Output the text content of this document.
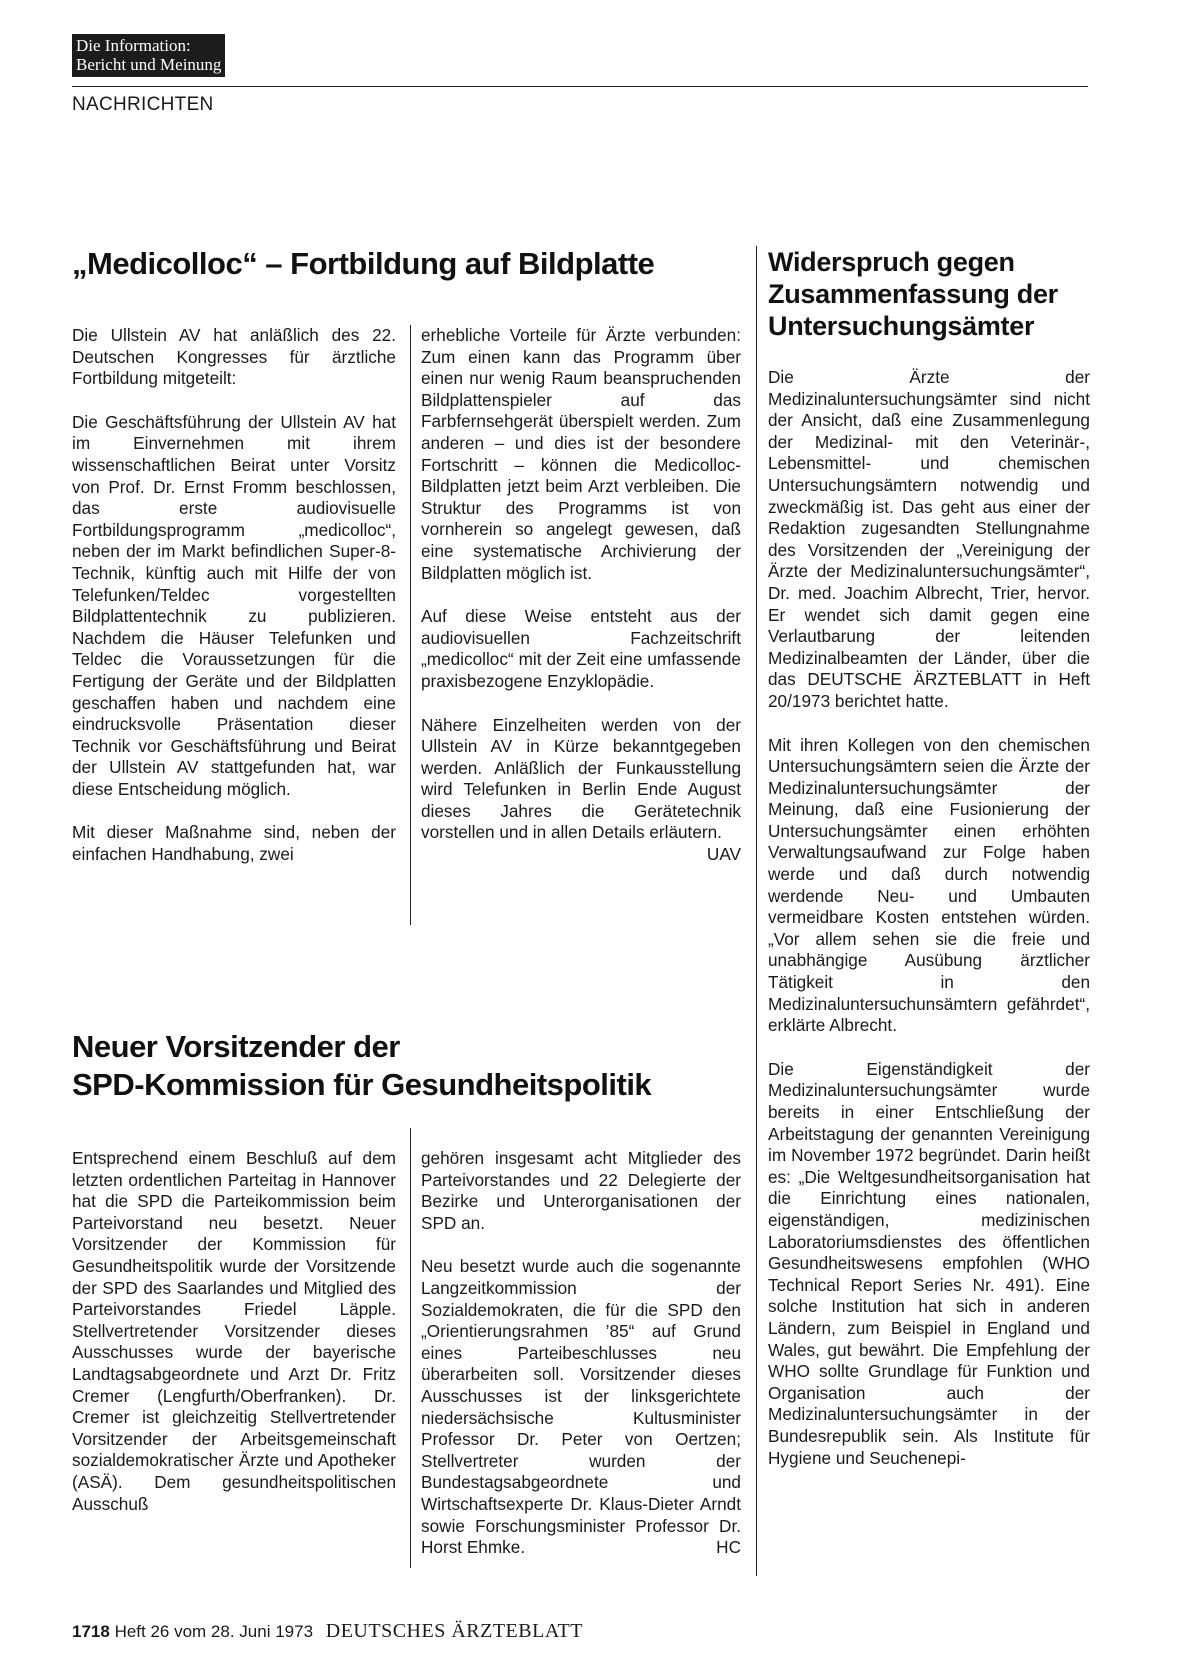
Die Information:
Bericht und Meinung
NACHRICHTEN
„Medicolloc“ – Fortbildung auf Bildplatte

Die Ullstein AV hat anläßlich des 22. Deutschen Kongresses für ärztliche Fortbildung mitgeteilt:

Die Geschäftsführung der Ullstein AV hat im Einvernehmen mit ihrem wissenschaftlichen Beirat unter Vorsitz von Prof. Dr. Ernst Fromm beschlossen, das erste audiovisuelle Fortbildungsprogramm „medicolloc“, neben der im Markt befindlichen Super-8-Technik, künftig auch mit Hilfe der von Telefunken/Teldec vorgestellten Bildplattentechnik zu publizieren. Nachdem die Häuser Telefunken und Teldec die Voraussetzungen für die Fertigung der Geräte und der Bildplatten geschaffen haben und nachdem eine eindrucksvolle Präsentation dieser Technik vor Geschäftsführung und Beirat der Ullstein AV stattgefunden hat, war diese Entscheidung möglich.

Mit dieser Maßnahme sind, neben der einfachen Handhabung, zwei

erhebliche Vorteile für Ärzte verbunden: Zum einen kann das Programm über einen nur wenig Raum beanspruchenden Bildplattenspieler auf das Farbfernsehgerät überspielt werden. Zum anderen – und dies ist der besondere Fortschritt – können die Medicolloc-Bildplatten jetzt beim Arzt verbleiben. Die Struktur des Programms ist von vornherein so angelegt gewesen, daß eine systematische Archivierung der Bildplatten möglich ist.

Auf diese Weise entsteht aus der audiovisuellen Fachzeitschrift „medicolloc“ mit der Zeit eine umfassende praxisbezogene Enzyklopädie.

Nähere Einzelheiten werden von der Ullstein AV in Kürze bekanntgegeben werden. Anläßlich der Funkausstellung wird Telefunken in Berlin Ende August dieses Jahres die Gerätetechnik vorstellen und in allen Details erläutern.
UAV

Neuer Vorsitzender der
SPD-Kommission für Gesundheitspolitik

Entsprechend einem Beschluß auf dem letzten ordentlichen Parteitag in Hannover hat die SPD die Parteikommission beim Parteivorstand neu besetzt. Neuer Vorsitzender der Kommission für Gesundheitspolitik wurde der Vorsitzende der SPD des Saarlandes und Mitglied des Parteivorstandes Friedel Läpple. Stellvertretender Vorsitzender dieses Ausschusses wurde der bayerische Landtagsabgeordnete und Arzt Dr. Fritz Cremer (Lengfurth/Oberfranken). Dr. Cremer ist gleichzeitig Stellvertretender Vorsitzender der Arbeitsgemeinschaft sozialdemokratischer Ärzte und Apotheker (ASÄ). Dem gesundheitspolitischen Ausschuß

gehören insgesamt acht Mitglieder des Parteivorstandes und 22 Delegierte der Bezirke und Unterorganisationen der SPD an.

Neu besetzt wurde auch die sogenannte Langzeitkommission der Sozialdemokraten, die für die SPD den „Orientierungsrahmen ’85“ auf Grund eines Parteibeschlusses neu überarbeiten soll. Vorsitzender dieses Ausschusses ist der linksgerichtete niedersächsische Kultusminister Professor Dr. Peter von Oertzen; Stellvertreter wurden der Bundestagsabgeordnete und Wirtschaftsexperte Dr. Klaus-Dieter Arndt sowie Forschungsminister Professor Dr. Horst Ehmke.	HC

Widerspruch gegen
Zusammenfassung der
Untersuchungsämter

Die Ärzte der Medizinaluntersuchungsämter sind nicht der Ansicht, daß eine Zusammenlegung der Medizinal- mit den Veterinär-, Lebensmittel- und chemischen Untersuchungsämtern notwendig und zweckmäßig ist. Das geht aus einer der Redaktion zugesandten Stellungnahme des Vorsitzenden der „Vereinigung der Ärzte der Medizinaluntersuchungsämter“, Dr. med. Joachim Albrecht, Trier, hervor. Er wendet sich damit gegen eine Verlautbarung der leitenden Medizinalbeamten der Länder, über die das DEUTSCHE ÄRZTEBLATT in Heft 20/1973 berichtet hatte.

Mit ihren Kollegen von den chemischen Untersuchungsämtern seien die Ärzte der Medizinaluntersuchungsämter der Meinung, daß eine Fusionierung der Untersuchungsämter einen erhöhten Verwaltungsaufwand zur Folge haben werde und daß durch notwendig werdende Neu- und Umbauten vermeidbare Kosten entstehen würden. „Vor allem sehen sie die freie und unabhängige Ausübung ärztlicher Tätigkeit in den Medizinaluntersuchunsämtern gefährdet“, erklärte Albrecht.

Die Eigenständigkeit der Medizinaluntersuchungsämter wurde bereits in einer Entschließung der Arbeitstagung der genannten Vereinigung im November 1972 begründet. Darin heißt es: „Die Weltgesundheitsorganisation hat die Einrichtung eines nationalen, eigenständigen, medizinischen Laboratoriumsdienstes des öffentlichen Gesundheitswesens empfohlen (WHO Technical Report Series Nr. 491). Eine solche Institution hat sich in anderen Ländern, zum Beispiel in England und Wales, gut bewährt. Die Empfehlung der WHO sollte Grundlage für Funktion und Organisation auch der Medizinaluntersuchungsämter in der Bundesrepublik sein. Als Institute für Hygiene und Seuchenepi-

1718 Heft 26 vom 28. Juni 1973 DEUTSCHES ÄRZTEBLATT
